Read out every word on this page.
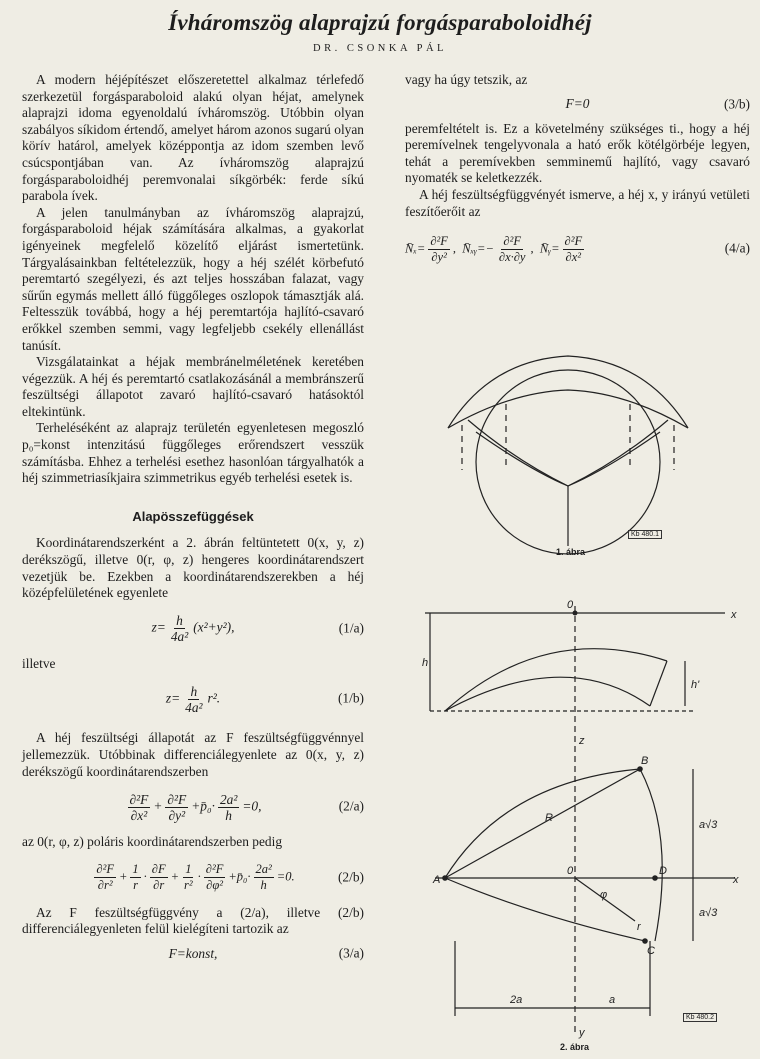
Ívháromszög alaprajzú forgásparaboloidhéj
DR. CSONKA PÁL

A modern héjépítészet előszeretettel alkalmaz térlefedő szerkezetül forgásparaboloid alakú olyan héjat, amelynek alaprajzi idoma egyenoldalú ívháromszög. Utóbbin olyan szabályos síkidom értendő, amelyet három azonos sugarú olyan körív határol, amelyek középpontja az idom szemben levő csúcspontjában van. Az ívháromszög alaprajzú forgásparaboloidhéj peremvonalai síkgörbék: ferde síkú parabola ívek.

A jelen tanulmányban az ívháromszög alaprajzú, forgásparaboloid héjak számítására alkalmas, a gyakorlat igényeinek megfelelő közelítő eljárást ismertetünk. Tárgyalásainkban feltételezzük, hogy a héj szélét körbefutó peremtartó szegélyezi, és azt teljes hosszában falazat, vagy sűrűn egymás mellett álló függőleges oszlopok támasztják alá. Feltesszük továbbá, hogy a héj peremtartója hajlító-csavaró erőkkel szemben semmi, vagy legfeljebb csekély ellenállást tanúsít.

Vizsgálatainkat a héjak membránelméletének keretében végezzük. A héj és peremtartó csatlakozásánál a membránszerű feszültségi állapotot zavaró hajlító-csavaró hatásoktól eltekintünk.

Terheléséként az alaprajz területén egyenletesen megoszló p₀=konst intenzitású függőleges erőrendszert vesszük számításba. Ehhez a terhelési esethez hasonlóan tárgyalhatók a héj szimmetriasíkjaira szimmetrikus egyéb terhelési esetek is.

Alapösszefüggések

Koordinátarendszerként a 2. ábrán feltüntetett 0(x, y, z) derékszögű, illetve 0(r, φ, z) hengeres koordinátarendszert vezetjük be. Ezekben a koordinátarendszerekben a héj középfelületének egyenlete

$z= \frac{h}{\text{4a²}} (x^2+y^2)$,	(1/a)

illetve

$z= \frac{h}{\text{4a²}} r^2$.	(1/b)

A héj feszültségi állapotát az F feszültségfüggvénnyel jellemezzük. Utóbbinak differenciálegyenlete az 0(x, y, z) derékszögű koordinátarendszerben

$\frac{\text{∂²F}}{\text{∂x²}} + \frac{\text{∂²F}}{\text{∂y²}}$ +p̄₀· $\frac{\text{2a²}}{h} =0$,	(2/a)

az 0(r, φ, z) poláris koordinátarendszerben pedig

$\frac{\text{∂²F}}{\text{∂r²}} + \frac{1}{r} \cdot \frac{\partial F}{\partial r} + \frac{1}{\text{r²}} \cdot \frac{\text{∂²F}}{\text{∂φ²}}$ +p̄₀· $\frac{\text{2a²}}{h} =0$.	(2/b)

Az F feszültségfüggvény a (2/a), illetve (2/b) differenciálegyenleten felül kielégíteni tartozik az

F=konst,	(3/a)

vagy ha úgy tetszik, az

F=0	(3/b)

peremfeltételt is. Ez a követelmény szükséges ti., hogy a héj peremívelnek tengelyvonala a ható erők kötélgörbéje legyen, tehát a peremívekben semminemű hajlító, vagy csavaró nyomaték se keletkezzék.

A héj feszültségfüggvényét ismerve, a héj x, y irányú vetületi feszítőerőit az

N̄ₓ= $\frac{\text{∂²F}}{\text{∂y²}}$ ,  N̄ₓᵧ=− $\frac{\text{∂²F}}{\partial x\cdot\partial y}$ ,  N̄ᵧ= $\frac{\text{∂²F}}{\text{∂x²}}$	(4/a)
1. ábra
Kb 480.1
0
x
h
h'
z
B
A
0	D
x
C
y
R
φ
r
a√3
a√3
2a	a
2. ábra
Kb 480.2
